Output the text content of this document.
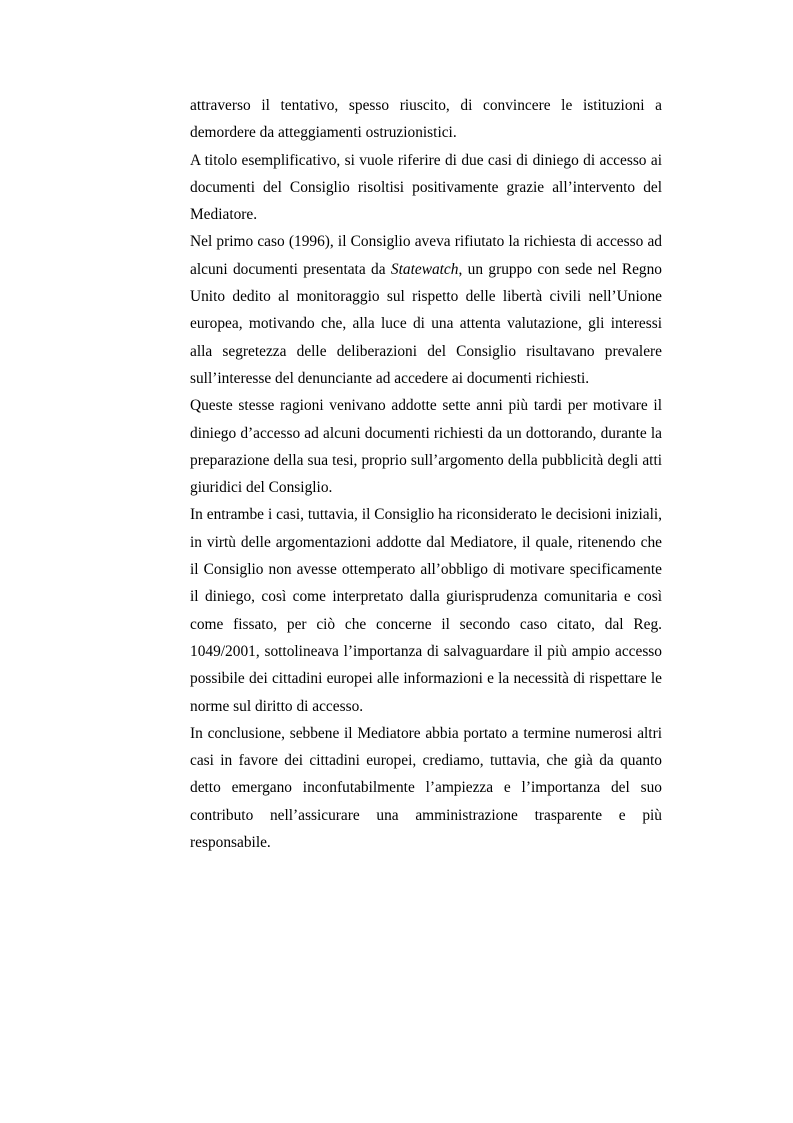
attraverso il tentativo, spesso riuscito, di convincere le istituzioni a demordere da atteggiamenti ostruzionistici.

A titolo esemplificativo, si vuole riferire di due casi di diniego di accesso ai documenti del Consiglio risoltisi positivamente grazie all’intervento del Mediatore.

Nel primo caso (1996), il Consiglio aveva rifiutato la richiesta di accesso ad alcuni documenti presentata da Statewatch, un gruppo con sede nel Regno Unito dedito al monitoraggio sul rispetto delle libertà civili nell’Unione europea, motivando che, alla luce di una attenta valutazione, gli interessi alla segretezza delle deliberazioni del Consiglio risultavano prevalere sull’interesse del denunciante ad accedere ai documenti richiesti.

Queste stesse ragioni venivano addotte sette anni più tardi per motivare il diniego d’accesso ad alcuni documenti richiesti da un dottorando, durante la preparazione della sua tesi, proprio sull’argomento della pubblicità degli atti giuridici del Consiglio.

In entrambe i casi, tuttavia, il Consiglio ha riconsiderato le decisioni iniziali, in virtù delle argomentazioni addotte dal Mediatore, il quale, ritenendo che il Consiglio non avesse ottemperato all’obbligo di motivare specificamente il diniego, così come interpretato dalla giurisprudenza comunitaria e così come fissato, per ciò che concerne il secondo caso citato, dal Reg. 1049/2001, sottolineava l’importanza di salvaguardare il più ampio accesso possibile dei cittadini europei alle informazioni e la necessità di rispettare le norme sul diritto di accesso.

In conclusione, sebbene il Mediatore abbia portato a termine numerosi altri casi in favore dei cittadini europei, crediamo, tuttavia, che già da quanto detto emergano inconfutabilmente l’ampiezza e l’importanza del suo contributo nell’assicurare una amministrazione trasparente e più responsabile.
